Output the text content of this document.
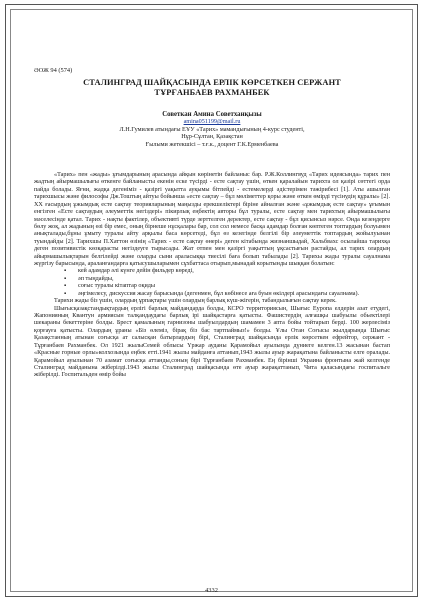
ӘОЖ 94 (574)
СТАЛИНГРАД ШАЙҚАСЫНДА ЕРЛІК КӨРСЕТКЕН СЕРЖАНТ
ТҰРҒАНБАЕВ РАХМАНБЕК
Советкан Амина Советханқызы
amina051199@mail.ru
Л.Н.Гумилев атындағы ЕҰУ «Тарих» мамандығының 4-курс студенті,
Нұр-Сұлтан, Қазақстан
Ғылыми жетекшісі – т.ғ.к., доцент Г.К.Ерменбаева

«Тарих» пен «жады» ұғымдарының арасында айқын көрінетін байланыс бар. Р.Ж.Коллингвуд «Тарих идеясында» тарих пен жадтың айырмашылығы өткенге байланысты екенін еске түсірді - есте сақтау үшін, өткен қаралайын тарихта ол қазірі сөттегі орда пайда болады. Яғни, жадқа дегеніміз - қазіргі уақытта ауқымы бітпейді - естемелерді әдістерімен тәжірибесі [1]. Аты ашылған тарихшысы және философы Дж.Тоштың айтуы бойынша «есте сақтау – бұл мөліметтер қоры және өткен өмірді түсінудің құралы» [2]. ХХ ғасырдың ұжымдық есте сақтау теорияларының маңызды ерекшеліктері біріне айналған және «ұжымдық есте сақтау» ұғымын енгізген «Есте сақтаудың әлеуметтік негіздері» пікирлық еңбектің авторы бұл туралы, есте сақтау мен тарихтың айырмашылығы мәселесінде қатал. Тарих - нақты фактілер, объективті түрде зерттелген деректер, есте сақтау - бұл қисынсыз нәрсе. Онда кезеңдерге бөлу жоқ, ал жадының өзі бір емес, оның бірнеше нұсқалары бар, сол сол немесе басқа адамдар болған көптеген топтардың болуымен анықталады,бұны ұмыту туралы айту арқылы баса көрсетеді, бұл өз кезегінде белгілі бір әлеуметтік топтардың жойылуынан туындайды [2]. Тарихшы П.Хаттон өзінің «Тарих - есте сақтау өнері» деген кітабында жизнаншыдай, Хальбвахс осылайша тарихқа деген позитивистік көзқарасты негіздеуге тырысады. Жат отпен мен қазіргі уақыттың ұқсастығын растайды, ал тарих олардың айырмашылықтарын белгілейді және оларды сыни араласыққа тиесілі баға болып табылады [2]. Тарихы жады туралы сауалнама жүргізу барысында, араланғандарға қатысушыларымен сұхбаттаса отырып,мынадай корытынды шыққан болатын:

▪ кей адамдар әлі күнге дейін фильдер көреді,
▪ әп тыңдайды,
▪ соғыс туралы кітаптар оқиды
▪ әңгімелесу, дискуссия жасау барысында (дегенмен, бұл көбінесе аға буын өкілдері арасындағы сауалнама).

Тарихи жады біз үшін, олардың ұрпақтары үшін олардың барлық күш-жігерін, табандылығын сақтау керек.

Шығысқазақстандықтардың ерлігі барлық майдандарда болды, КСРО территориясын, Шығыс Еуропа елдерін азат етудегі, Жапонияның Квантун армиясын талқандаудағы барлық ірі шайқастарға қатысты. Фашистердің алғашқы шабуылы обьектілері шекараны бекеттеріне болды. Брест қамалының гарнизоны шабуылдардың шамамен 3 апта бойы тойтарып берді. 100 жерлесіміз қорғауға қатысты. Олардың ұраны «Біз өлеміз, бірақ біз бас тартпаймыз!» болды. Ұлы Отан Соғысы жылдарында Шығыс Қазақстанның атынан соғысқа ат салысқан батырлардың бірі, Сталинград шайқасында ерлік көрсеткен ефрейтор, сержант - Тұрғанбаев Рахманбек. Ол 1921 жылыСемей облысы Үржар ауданы Қарамойыл ауылында дүниеге келген.13 жасынан бастап «Красные горные орлы»колхозында еңбек етті.1941 жылы майданға аттанып,1943 жылы ауыр жарақатына байланысты елге оралады. Қарамойыл ауылынан 70 азамат соғысқа аттанды,соның бірі Тұрғанбаев Рахманбек. Ең бірінші Украина фронтына жай келгенде Сталинград майданына жіберілді.1943 жылы Сталинград шайқасында өте ауыр жарақаттанып, Чита қаласындағы госпитальге жіберілді. Госпитальден өмір бойы

4332
